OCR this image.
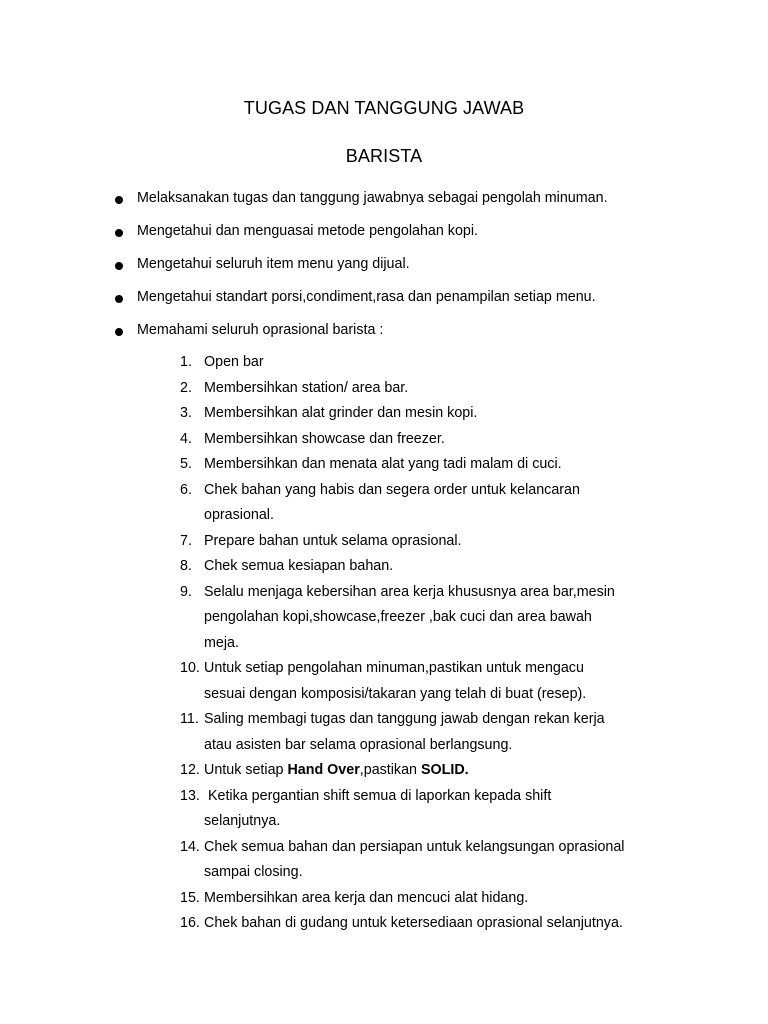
TUGAS DAN TANGGUNG JAWAB
BARISTA
Melaksanakan tugas dan tanggung jawabnya sebagai pengolah minuman.
Mengetahui dan menguasai metode pengolahan kopi.
Mengetahui seluruh item menu yang dijual.
Mengetahui standart porsi,condiment,rasa dan penampilan setiap menu.
Memahami seluruh oprasional barista :
1. Open bar
2. Membersihkan station/ area bar.
3. Membersihkan alat grinder dan mesin kopi.
4. Membersihkan showcase dan freezer.
5. Membersihkan dan menata alat yang tadi malam di cuci.
6. Chek bahan yang habis dan segera order untuk kelancaran
oprasional.
7. Prepare bahan untuk selama oprasional.
8. Chek semua kesiapan bahan.
9. Selalu menjaga kebersihan area kerja khususnya area bar,mesin
pengolahan kopi,showcase,freezer ,bak cuci dan area bawah
meja.
10. Untuk setiap pengolahan minuman,pastikan untuk mengacu
sesuai dengan komposisi/takaran yang telah di buat (resep).
11. Saling membagi tugas dan tanggung jawab dengan rekan kerja
atau asisten bar selama oprasional berlangsung.
12. Untuk setiap Hand Over,pastikan SOLID.
13. Ketika pergantian shift semua di laporkan kepada shift
selanjutnya.
14. Chek semua bahan dan persiapan untuk kelangsungan oprasional
sampai closing.
15. Membersihkan area kerja dan mencuci alat hidang.
16. Chek bahan di gudang untuk ketersediaan oprasional selanjutnya.
